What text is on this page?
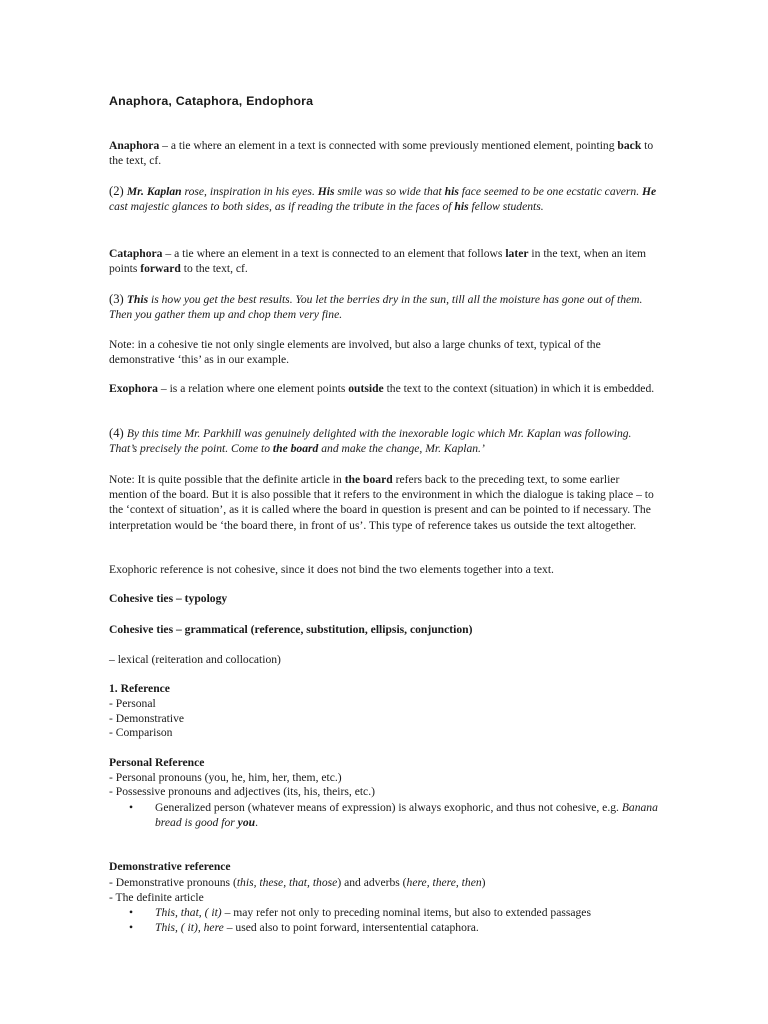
Anaphora, Cataphora, Endophora
Anaphora – a tie where an element in a text is connected with some previously mentioned element, pointing back to the text, cf.
(2) Mr. Kaplan rose, inspiration in his eyes. His smile was so wide that his face seemed to be one ecstatic cavern. He cast majestic glances to both sides, as if reading the tribute in the faces of his fellow students.
Cataphora – a tie where an element in a text is connected to an element that follows later in the text, when an item points forward to the text, cf.
(3) This is how you get the best results. You let the berries dry in the sun, till all the moisture has gone out of them. Then you gather them up and chop them very fine.
Note: in a cohesive tie not only single elements are involved, but also a large chunks of text, typical of the demonstrative ‘this’ as in our example.
Exophora – is a relation where one element points outside the text to the context (situation) in which it is embedded.
(4) By this time Mr. Parkhill was genuinely delighted with the inexorable logic which Mr. Kaplan was following. That’s precisely the point. Come to the board and make the change, Mr. Kaplan.’
Note: It is quite possible that the definite article in the board refers back to the preceding text, to some earlier mention of the board. But it is also possible that it refers to the environment in which the dialogue is taking place – to the ‘context of situation’, as it is called where the board in question is present and can be pointed to if necessary. The interpretation would be ‘the board there, in front of us’. This type of reference takes us outside the text altogether.
Exophoric reference is not cohesive, since it does not bind the two elements together into a text.
Cohesive ties – typology
Cohesive ties – grammatical (reference, substitution, ellipsis, conjunction)
– lexical (reiteration and collocation)
1. Reference
- Personal
- Demonstrative
- Comparison
Personal Reference
- Personal pronouns (you, he, him, her, them, etc.)
- Possessive pronouns and adjectives (its, his, theirs, etc.)
• Generalized person (whatever means of expression) is always exophoric, and thus not cohesive, e.g. Banana bread is good for you.
Demonstrative reference
- Demonstrative pronouns (this, these, that, those) and adverbs (here, there, then)
- The definite article
• This, that, ( it) – may refer not only to preceding nominal items, but also to extended passages
• This, ( it), here – used also to point forward, intersentential cataphora.
